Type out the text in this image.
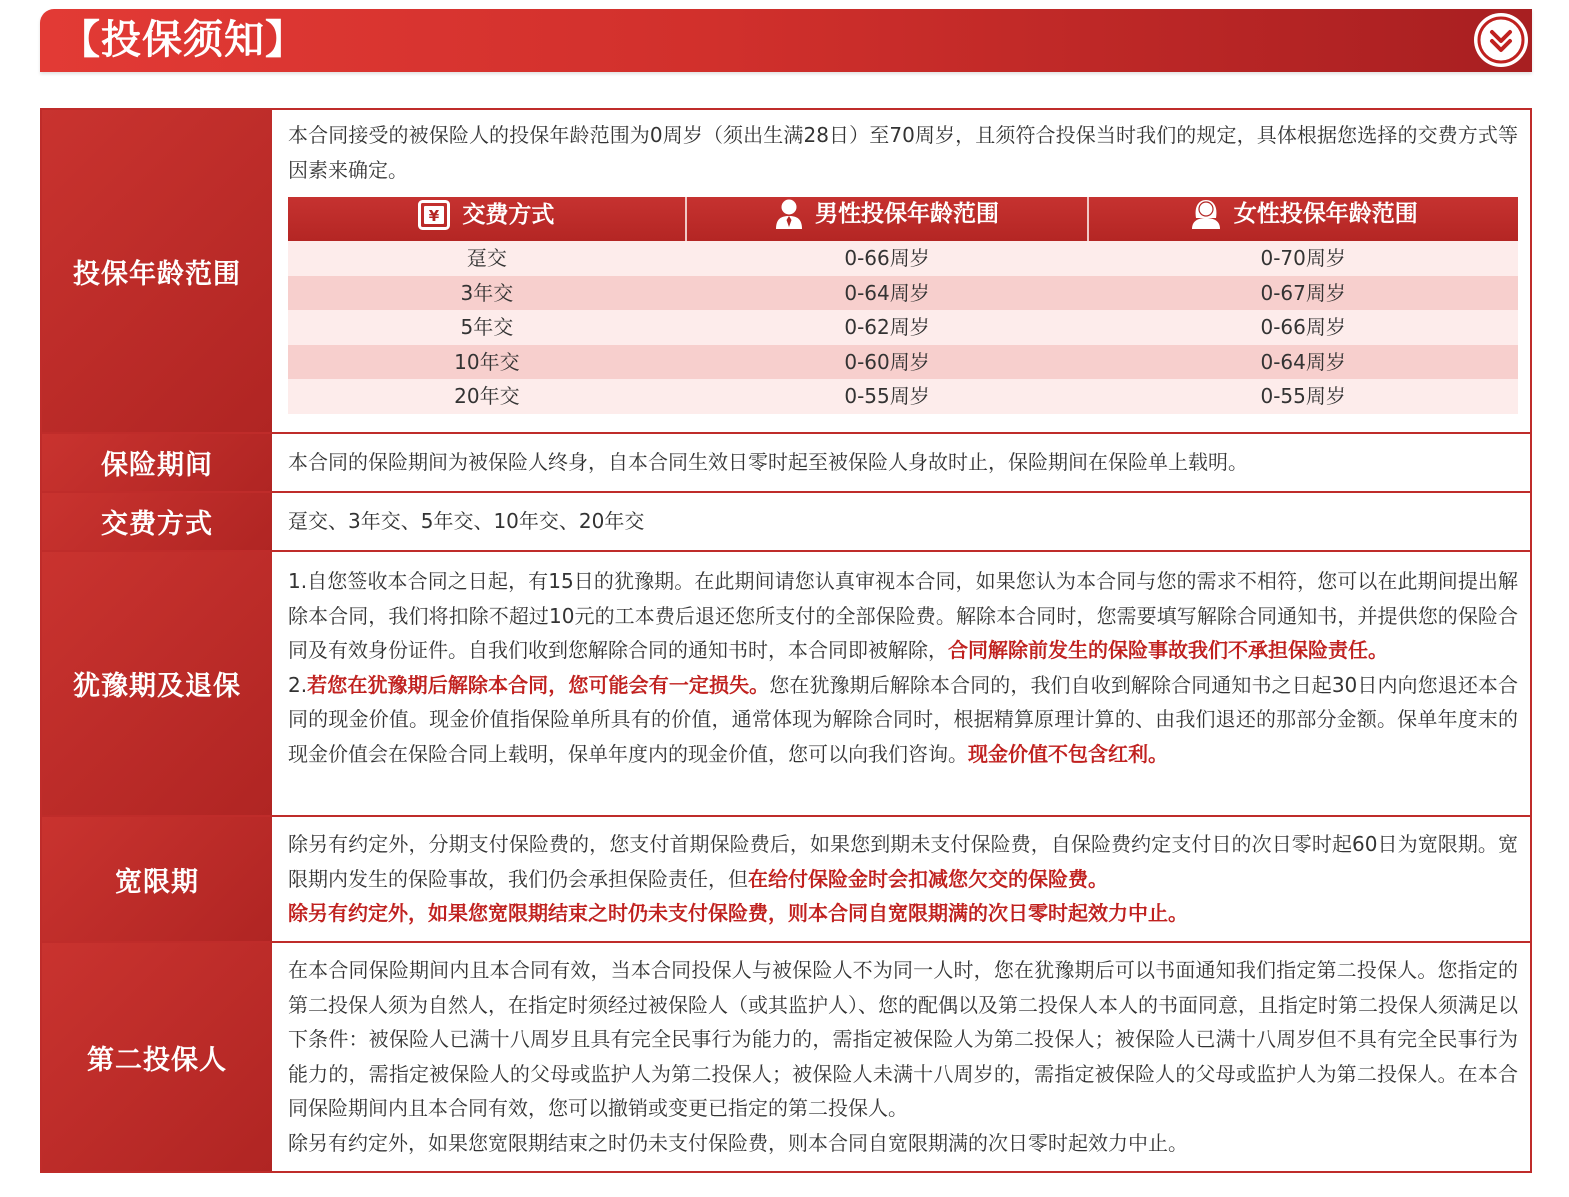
【投保须知】
投保年龄范围

本合同接受的被保险人的投保年龄范围为0周岁（须出生满28日）至70周岁，且须符合投保当时我们的规定，具体根据您选择的交费方式等因素来确定。

¥ 交费方式	男性投保年龄范围	女性投保年龄范围

趸交	0-66周岁	0-70周岁
3年交	0-64周岁	0-67周岁
5年交	0-62周岁	0-66周岁
10年交	0-60周岁	0-64周岁
20年交	0-55周岁	0-55周岁
保险期间	本合同的保险期间为被保险人终身，自本合同生效日零时起至被保险人身故时止，保险期间在保险单上载明。
交费方式	趸交、3年交、5年交、10年交、20年交
犹豫期及退保

1.自您签收本合同之日起，有15日的犹豫期。在此期间请您认真审视本合同，如果您认为本合同与您的需求不相符，您可以在此期间提出解除本合同，我们将扣除不超过10元的工本费后退还您所支付的全部保险费。解除本合同时，您需要填写解除合同通知书，并提供您的保险合同及有效身份证件。自我们收到您解除合同的通知书时，本合同即被解除，合同解除前发生的保险事故我们不承担保险责任。

2.若您在犹豫期后解除本合同，您可能会有一定损失。您在犹豫期后解除本合同的，我们自收到解除合同通知书之日起30日内向您退还本合同的现金价值。现金价值指保险单所具有的价值，通常体现为解除合同时，根据精算原理计算的、由我们退还的那部分金额。保单年度末的现金价值会在保险合同上载明，保单年度内的现金价值，您可以向我们咨询。现金价值不包含红利。

宽限期

除另有约定外，分期支付保险费的，您支付首期保险费后，如果您到期未支付保险费，自保险费约定支付日的次日零时起60日为宽限期。宽限期内发生的保险事故，我们仍会承担保险责任，但在给付保险金时会扣减您欠交的保险费。

除另有约定外，如果您宽限期结束之时仍未支付保险费，则本合同自宽限期满的次日零时起效力中止。

第二投保人

在本合同保险期间内且本合同有效，当本合同投保人与被保险人不为同一人时，您在犹豫期后可以书面通知我们指定第二投保人。您指定的第二投保人须为自然人，在指定时须经过被保险人（或其监护人）、您的配偶以及第二投保人本人的书面同意，且指定时第二投保人须满足以下条件：被保险人已满十八周岁且具有完全民事行为能力的，需指定被保险人为第二投保人；被保险人已满十八周岁但不具有完全民事行为能力的，需指定被保险人的父母或监护人为第二投保人；被保险人未满十八周岁的，需指定被保险人的父母或监护人为第二投保人。在本合同保险期间内且本合同有效，您可以撤销或变更已指定的第二投保人。

除另有约定外，如果您宽限期结束之时仍未支付保险费，则本合同自宽限期满的次日零时起效力中止。
